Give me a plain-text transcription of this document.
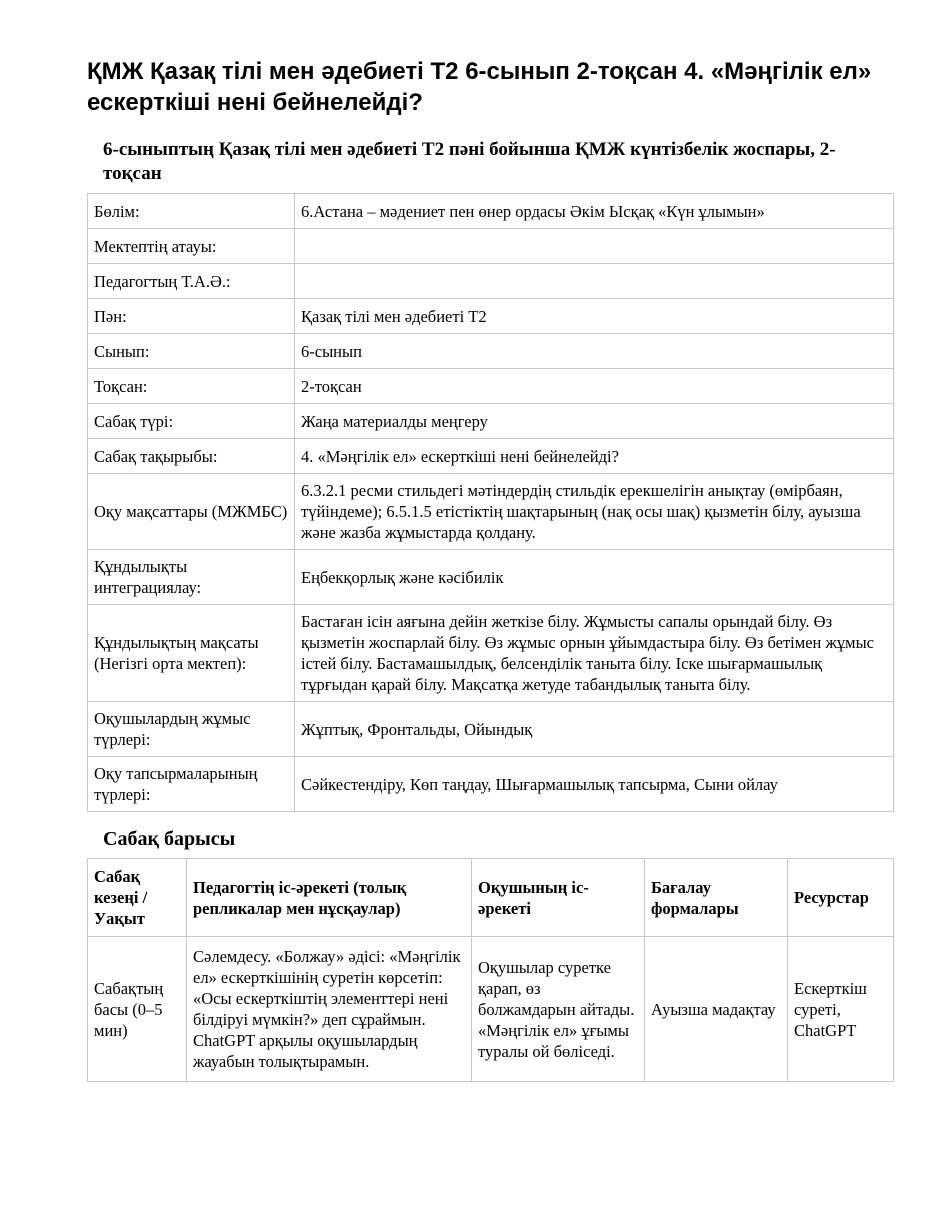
ҚМЖ Қазақ тілі мен әдебиеті Т2 6-сынып 2-тоқсан 4. «Мәңгілік ел» ескерткіші нені бейнелейді?
6-сыныптың Қазақ тілі мен әдебиеті Т2 пәні бойынша ҚМЖ күнтізбелік жоспары, 2-тоқсан
Бөлім:	6.Астана – мәдениет пен өнер ордасы Әкім Ысқақ «Күн ұлымын»
Мектептің атауы:	
Педагогтың Т.А.Ә.:	
Пән:	Қазақ тілі мен әдебиеті Т2
Сынып:	6-сынып
Тоқсан:	2-тоқсан
Сабақ түрі:	Жаңа материалды меңгеру
Сабақ тақырыбы:	4. «Мәңгілік ел» ескерткіші нені бейнелейді?
Оқу мақсаттары (МЖМБС)	6.3.2.1 ресми стильдегі мәтіндердің стильдік ерекшелігін анықтау (өмірбаян, түйіндеме); 6.5.1.5 етістіктің шақтарының (нақ осы шақ) қызметін білу, ауызша және жазба жұмыстарда қолдану.
Құндылықты интеграциялау:	Еңбекқорлық және кәсібилік
Құндылықтың мақсаты (Негізгі орта мектеп):	Бастаған ісін аяғына дейін жеткізе білу. Жұмысты сапалы орындай білу. Өз қызметін жоспарлай білу. Өз жұмыс орнын ұйымдастыра білу. Өз бетімен жұмыс істей білу. Бастамашылдық, белсенділік таныта білу. Іске шығармашылық тұрғыдан қарай білу. Мақсатқа жетуде табандылық таныта білу.
Оқушылардың жұмыс түрлері:	Жұптық, Фронтальды, Ойындық
Оқу тапсырмаларының түрлері:	Сәйкестендіру, Көп таңдау, Шығармашылық тапсырма, Сыни ойлау
Сабақ барысы
Сабақ кезеңі / Уақыт	Педагогтің іс-әрекеті (толық репликалар мен нұсқаулар)	Оқушының іс-әрекеті	Бағалау формалары	Ресурстар
Сабақтың басы (0–5 мин)	Сәлемдесу. «Болжау» әдісі: «Мәңгілік ел» ескерткішінің суретін көрсетіп: «Осы ескерткіштің элементтері нені білдіруі мүмкін?» деп сұраймын. ChatGPT арқылы оқушылардың жауабын толықтырамын.	Оқушылар суретке қарап, өз болжамдарын айтады. «Мәңгілік ел» ұғымы туралы ой бөліседі.	Ауызша мадақтау	Ескерткіш суреті, ChatGPT
